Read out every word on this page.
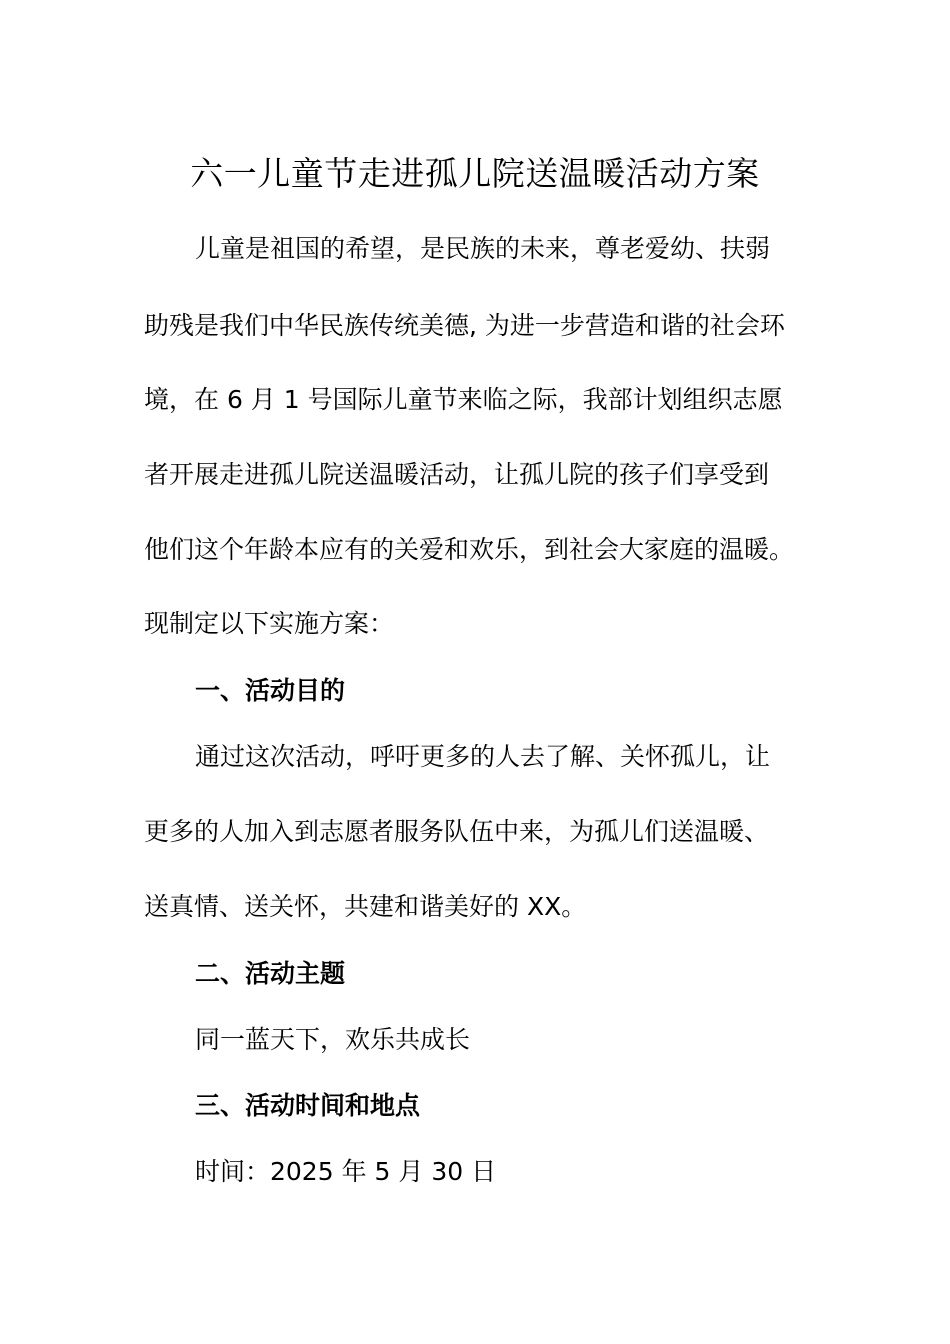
六一儿童节走进孤儿院送温暖活动方案
儿童是祖国的希望，是民族的未来，尊老爱幼、扶弱
助残是我们中华民族传统美德, 为进一步营造和谐的社会环
境，在 6 月 1 号国际儿童节来临之际，我部计划组织志愿
者开展走进孤儿院送温暖活动，让孤儿院的孩子们享受到
他们这个年龄本应有的关爱和欢乐，到社会大家庭的温暖。
现制定以下实施方案：
一、活动目的
通过这次活动，呼吁更多的人去了解、关怀孤儿，让
更多的人加入到志愿者服务队伍中来，为孤儿们送温暖、
送真情、送关怀，共建和谐美好的 XX。
二、活动主题
同一蓝天下，欢乐共成长
三、活动时间和地点
时间：2025 年 5 月 30 日
